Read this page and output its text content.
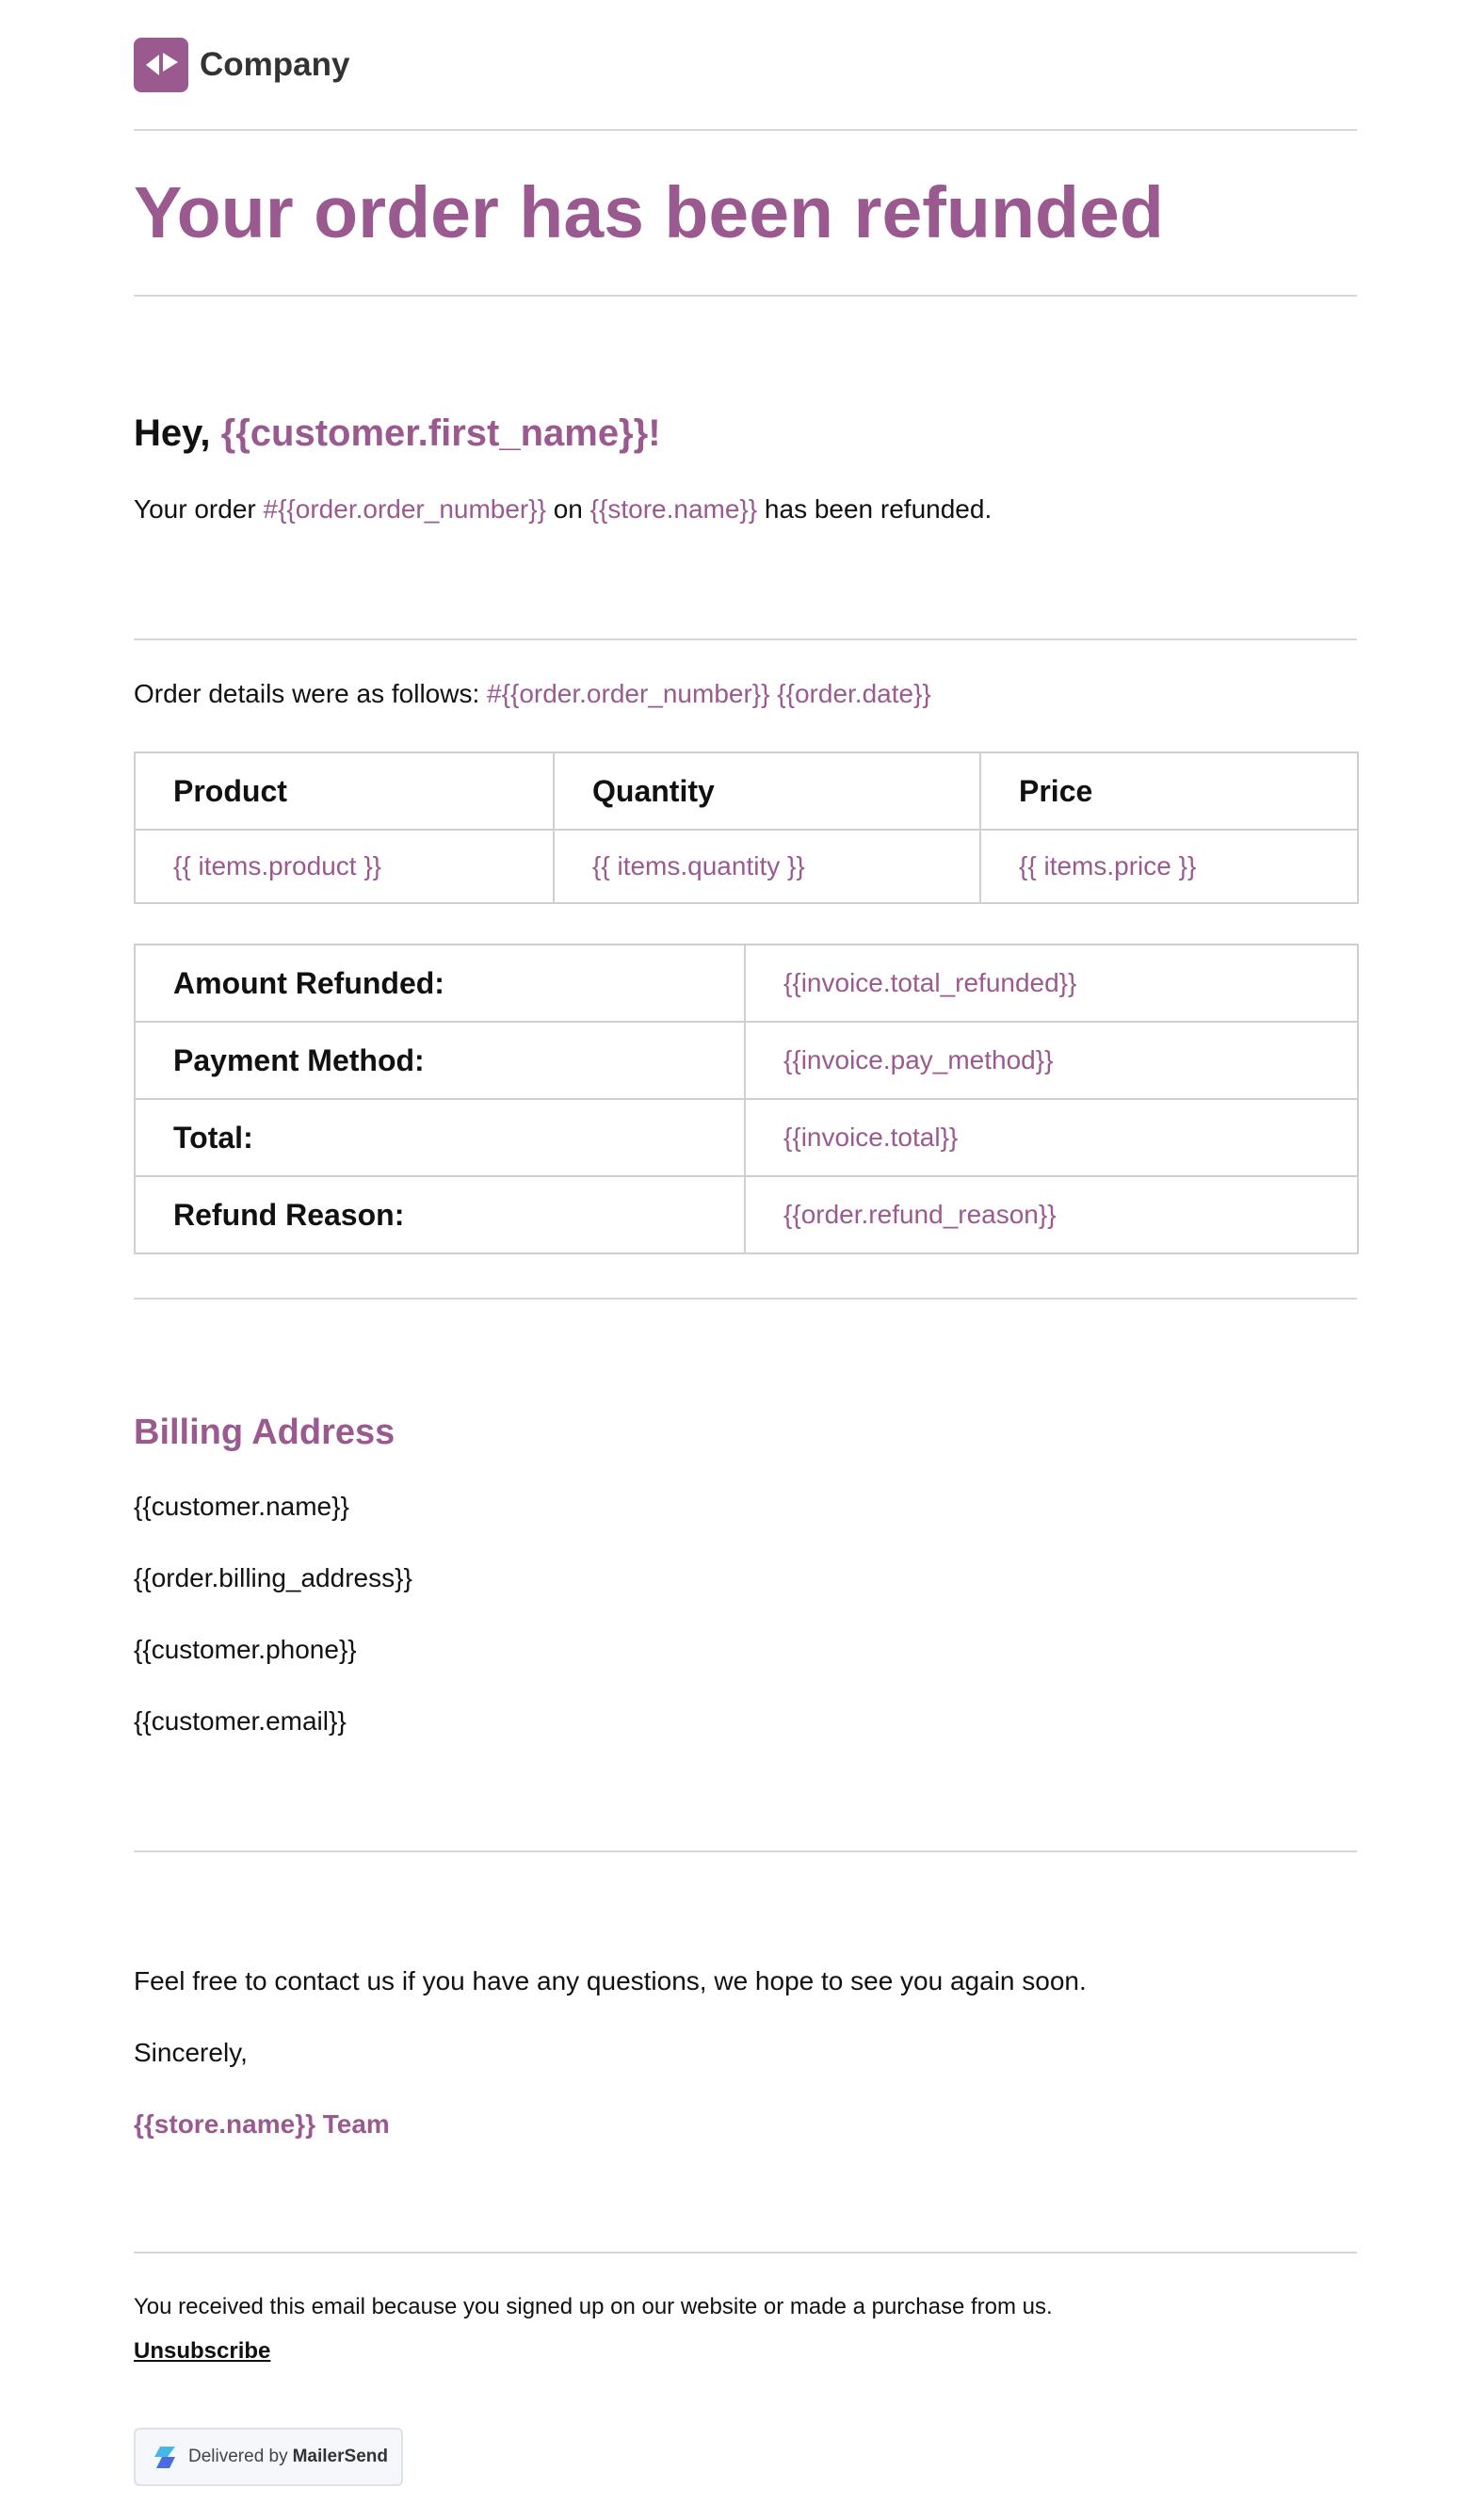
Company
Your order has been refunded
Hey, {{customer.first_name}}!
Your order #{{order.order_number}} on {{store.name}} has been refunded.
Order details were as follows: #{{order.order_number}} {{order.date}}
Product	Quantity	Price
{{ items.product }}	{{ items.quantity }}	{{ items.price }}
Amount Refunded:	{{invoice.total_refunded}}
Payment Method:	{{invoice.pay_method}}
Total:	{{invoice.total}}
Refund Reason:	{{order.refund_reason}}
Billing Address
{{customer.name}}
{{order.billing_address}}
{{customer.phone}}
{{customer.email}}
Feel free to contact us if you have any questions, we hope to see you again soon.
Sincerely,
{{store.name}} Team
You received this email because you signed up on our website or made a purchase from us.
Unsubscribe
Delivered by MailerSend
